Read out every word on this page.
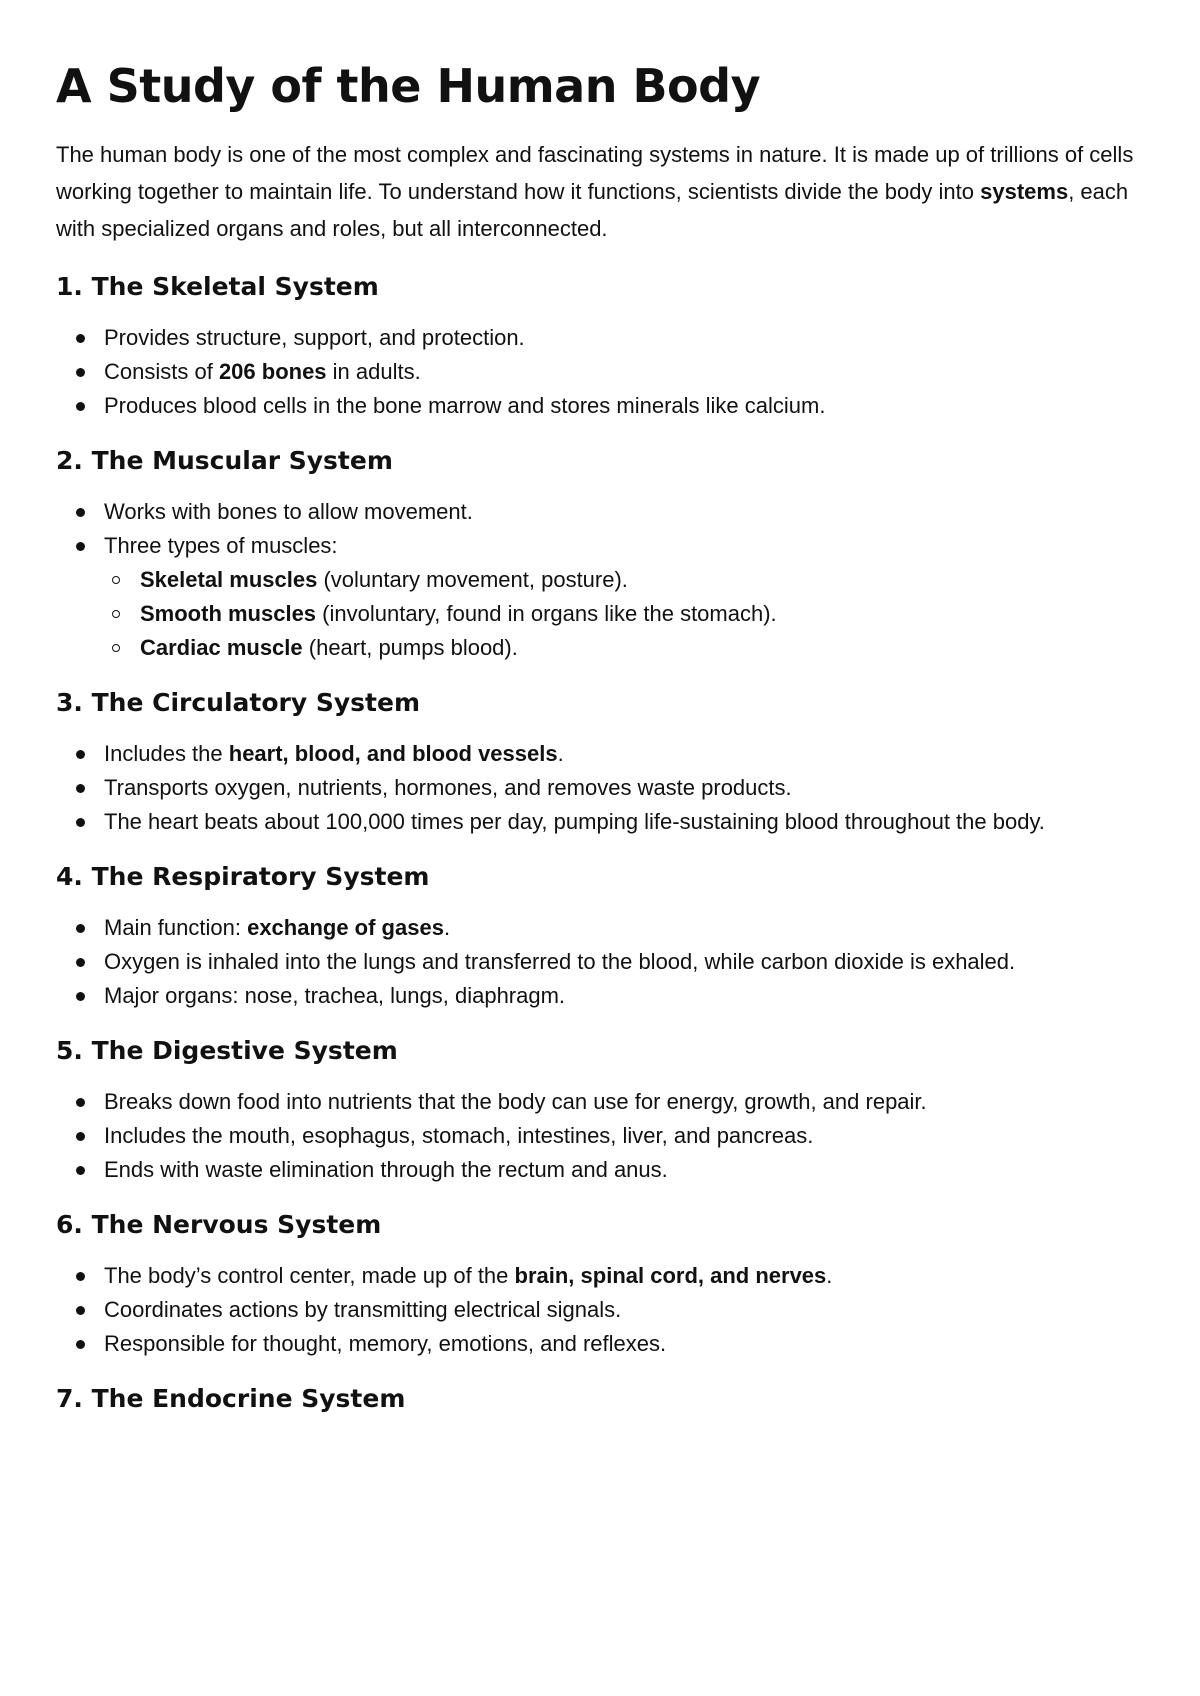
A Study of the Human Body

The human body is one of the most complex and fascinating systems in nature. It is made up of trillions of cells working together to maintain life. To understand how it functions, scientists divide the body into systems, each with specialized organs and roles, but all interconnected.

1. The Skeletal System
Provides structure, support, and protection.
Consists of 206 bones in adults.
Produces blood cells in the bone marrow and stores minerals like calcium.
2. The Muscular System
Works with bones to allow movement.
Three types of muscles:
Skeletal muscles (voluntary movement, posture).
Smooth muscles (involuntary, found in organs like the stomach).
Cardiac muscle (heart, pumps blood).
3. The Circulatory System
Includes the heart, blood, and blood vessels.
Transports oxygen, nutrients, hormones, and removes waste products.
The heart beats about 100,000 times per day, pumping life-sustaining blood throughout the body.
4. The Respiratory System
Main function: exchange of gases.
Oxygen is inhaled into the lungs and transferred to the blood, while carbon dioxide is exhaled.
Major organs: nose, trachea, lungs, diaphragm.
5. The Digestive System
Breaks down food into nutrients that the body can use for energy, growth, and repair.
Includes the mouth, esophagus, stomach, intestines, liver, and pancreas.
Ends with waste elimination through the rectum and anus.
6. The Nervous System
The body’s control center, made up of the brain, spinal cord, and nerves.
Coordinates actions by transmitting electrical signals.
Responsible for thought, memory, emotions, and reflexes.
7. The Endocrine System
